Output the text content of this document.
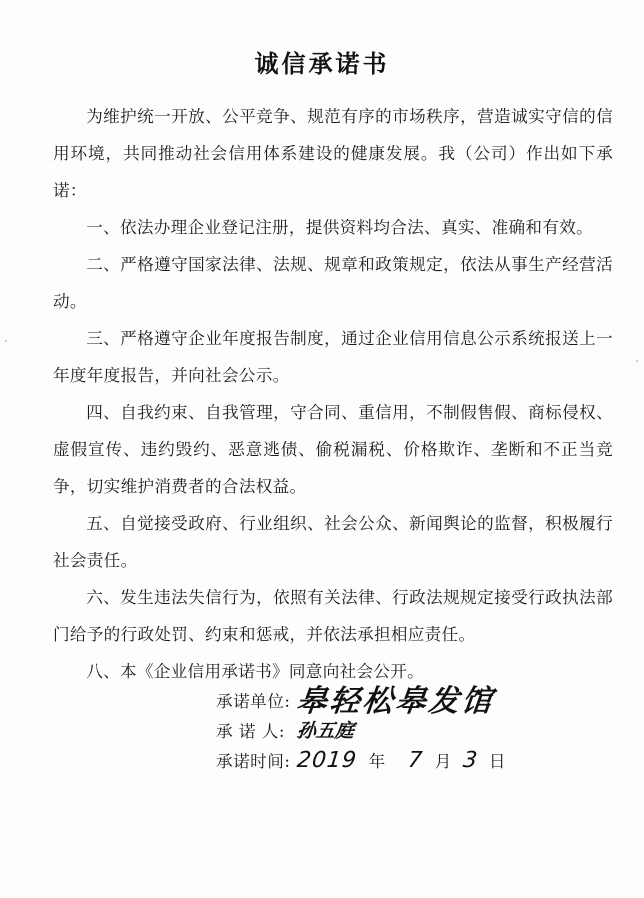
诚信承诺书
为维护统一开放、公平竞争、规范有序的市场秩序，营造诚实守信的信用环境，共同推动社会信用体系建设的健康发展。我（公司）作出如下承诺：
一、依法办理企业登记注册，提供资料均合法、真实、准确和有效。
二、严格遵守国家法律、法规、规章和政策规定，依法从事生产经营活动。
三、严格遵守企业年度报告制度，通过企业信用信息公示系统报送上一年度年度报告，并向社会公示。
四、自我约束、自我管理，守合同、重信用，不制假售假、商标侵权、虚假宣传、违约毁约、恶意逃债、偷税漏税、价格欺诈、垄断和不正当竞争，切实维护消费者的合法权益。
五、自觉接受政府、行业组织、社会公众、新闻舆论的监督，积极履行社会责任。
六、发生违法失信行为，依照有关法律、行政法规规定接受行政执法部门给予的行政处罚、约束和惩戒，并依法承担相应责任。
八、本《企业信用承诺书》同意向社会公开。
承诺单位: 皋轻松皋发馆
承 诺 人: 孙五庭
承诺时间: 2019 年 7 月 3 日
